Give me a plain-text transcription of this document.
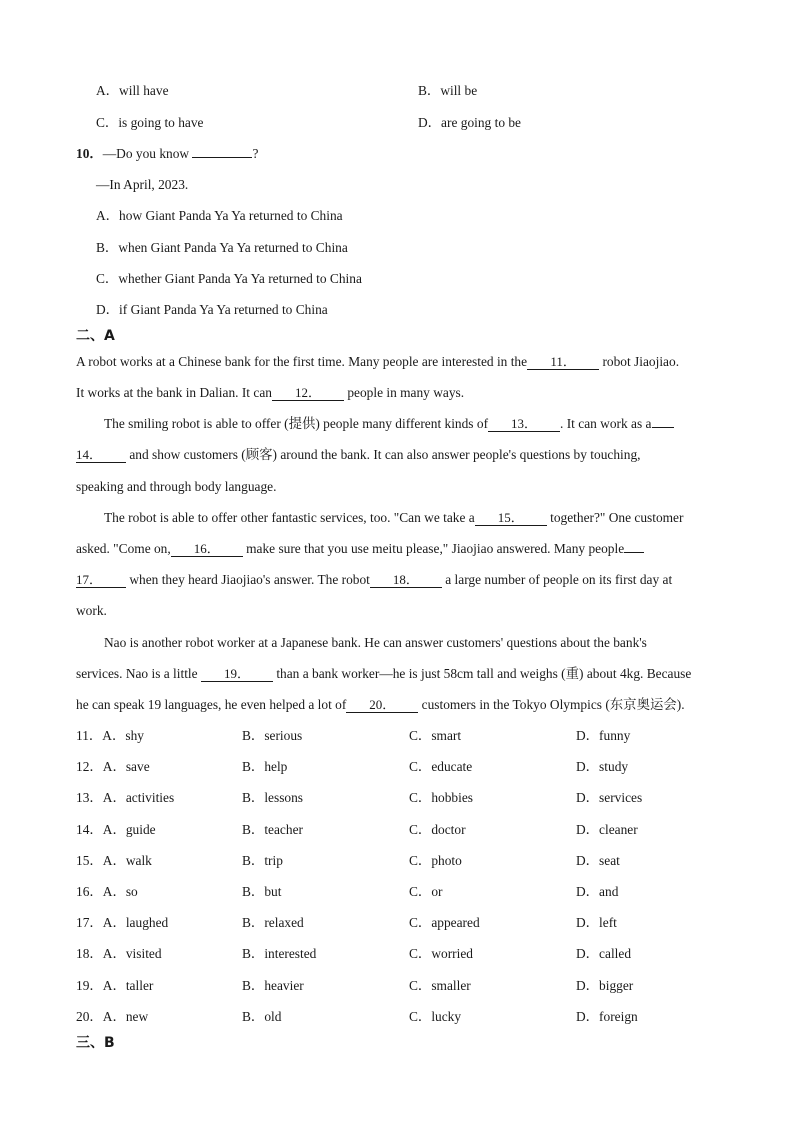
A．will have	B．will be
C．is going to have	D．are going to be
10．—Do you know	?
—In April, 2023.
A．how Giant Panda Ya Ya returned to China
B．when Giant Panda Ya Ya returned to China
C．whether Giant Panda Ya Ya returned to China
D．if Giant Panda Ya Ya returned to China
二、A
A robot works at a Chinese bank for the first time. Many people are interested in the 11． robot Jiaojiao.
It works at the bank in Dalian. It can 12． people in many ways.
The smiling robot is able to offer (提供) people many different kinds of 13． . It can work as a
14． and show customers (顾客) around the bank. It can also answer people's questions by touching,
speaking and through body language.
The robot is able to offer other fantastic services, too. "Can we take a 15． together?" One customer
asked. "Come on, 16． make sure that you use meitu please," Jiaojiao answered. Many people
17． when they heard Jiaojiao's answer. The robot 18． a large number of people on its first day at
work.
Nao is another robot worker at a Japanese bank. He can answer customers' questions about the bank's
services. Nao is a little 19． than a bank worker—he is just 58cm tall and weighs (重) about 4kg. Because
he can speak 19 languages, he even helped a lot of 20． customers in the Tokyo Olympics (东京奥运会).
11．A．shy	B．serious	C．smart	D．funny
12．A．save	B．help	C．educate	D．study
13．A．activities	B．lessons	C．hobbies	D．services
14．A．guide	B．teacher	C．doctor	D．cleaner
15．A．walk	B．trip	C．photo	D．seat
16．A．so	B．but	C．or	D．and
17．A．laughed	B．relaxed	C．appeared	D．left
18．A．visited	B．interested	C．worried	D．called
19．A．taller	B．heavier	C．smaller	D．bigger
20．A．new	B．old	C．lucky	D．foreign
三、B
